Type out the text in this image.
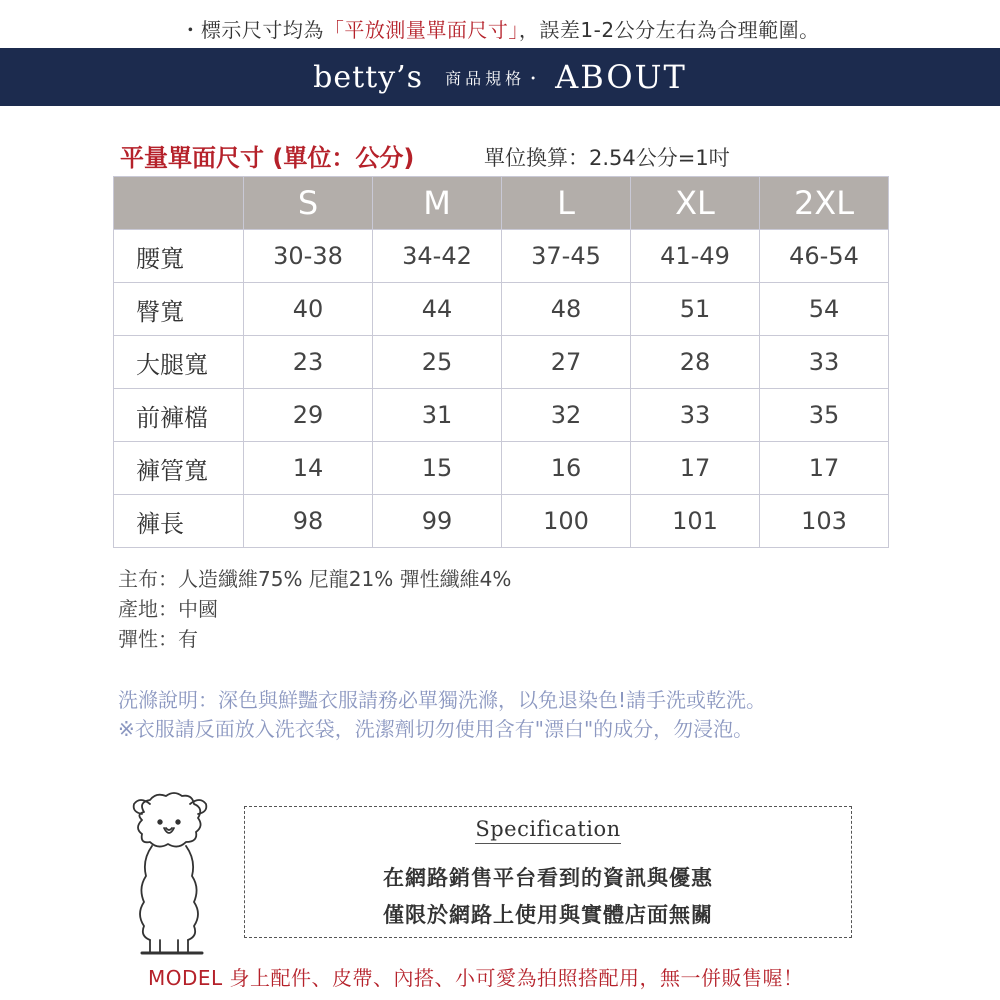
・標示尺寸均為「平放測量單面尺寸」，誤差1-2公分左右為合理範圍。
betty’s 商品規格・ ABOUT
平量單面尺寸 (單位：公分)	單位換算：2.54公分=1吋
	S	M	L	XL	2XL
腰寬	30-38	34-42	37-45	41-49	46-54
臀寬	40	44	48	51	54
大腿寬	23	25	27	28	33
前褲檔	29	31	32	33	35
褲管寬	14	15	16	17	17
褲長	98	99	100	101	103
主布：人造纖維75% 尼龍21% 彈性纖維4%
產地：中國
彈性：有
洗滌說明：深色與鮮豔衣服請務必單獨洗滌，以免退染色!請手洗或乾洗。
※衣服請反面放入洗衣袋，洗潔劑切勿使用含有"漂白"的成分，勿浸泡。
Specification
在網路銷售平台看到的資訊與優惠
僅限於網路上使用與實體店面無關
MODEL 身上配件、皮帶、內搭、小可愛為拍照搭配用，無一併販售喔！
